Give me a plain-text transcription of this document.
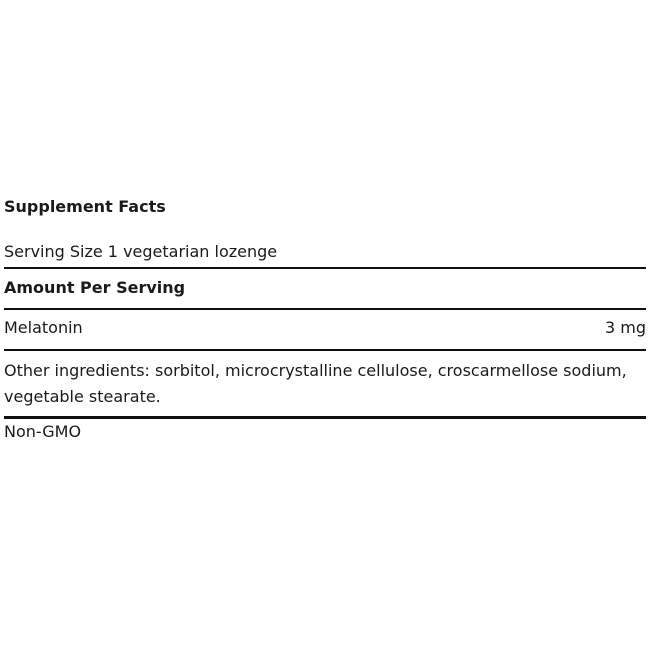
Supplement Facts
Serving Size 1 vegetarian lozenge
Amount Per Serving
Melatonin	3 mg
Other ingredients: sorbitol, microcrystalline cellulose, croscarmellose sodium, vegetable stearate.
Non-GMO
